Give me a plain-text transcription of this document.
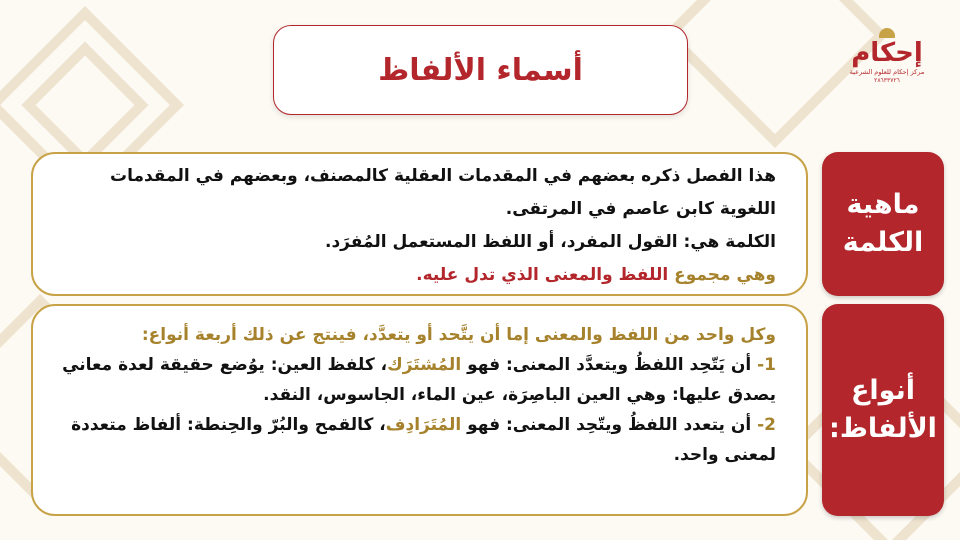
أسماء الألفاظ	إحكام
مركز إحكام للعلوم الشرعية
٢٨٦٣٣٧٢٦
ماهية
الكلمة

هذا الفصل ذكره بعضهم في المقدمات العقلية كالمصنف، وبعضهم في المقدمات اللغوية كابن عاصم في المرتقى.

الكلمة هي: القول المفرد، أو اللفظ المستعمل المُفرَد.

وهي مجموع اللفظ والمعنى الذي تدل عليه.

أنواع
الألفاظ:

وكل واحد من اللفظ والمعنى إما أن يتَّحد أو يتعدَّد، فينتج عن ذلك أربعة أنواع:

1- أن يَتّحِد اللفظُ ويتعدَّد المعنى: فهو المُشتَرَك، كلفظ العين: يوُضع حقيقة لعدة معاني يصدق عليها: وهي العين الباصِرَة، عين الماء، الجاسوس، النقد.

2- أن يتعدد اللفظُ ويتّحِد المعنى: فهو المُتَرَادِف، كالقمح والبُرّ والحِنطة: ألفاظ متعددة لمعنى واحد.
